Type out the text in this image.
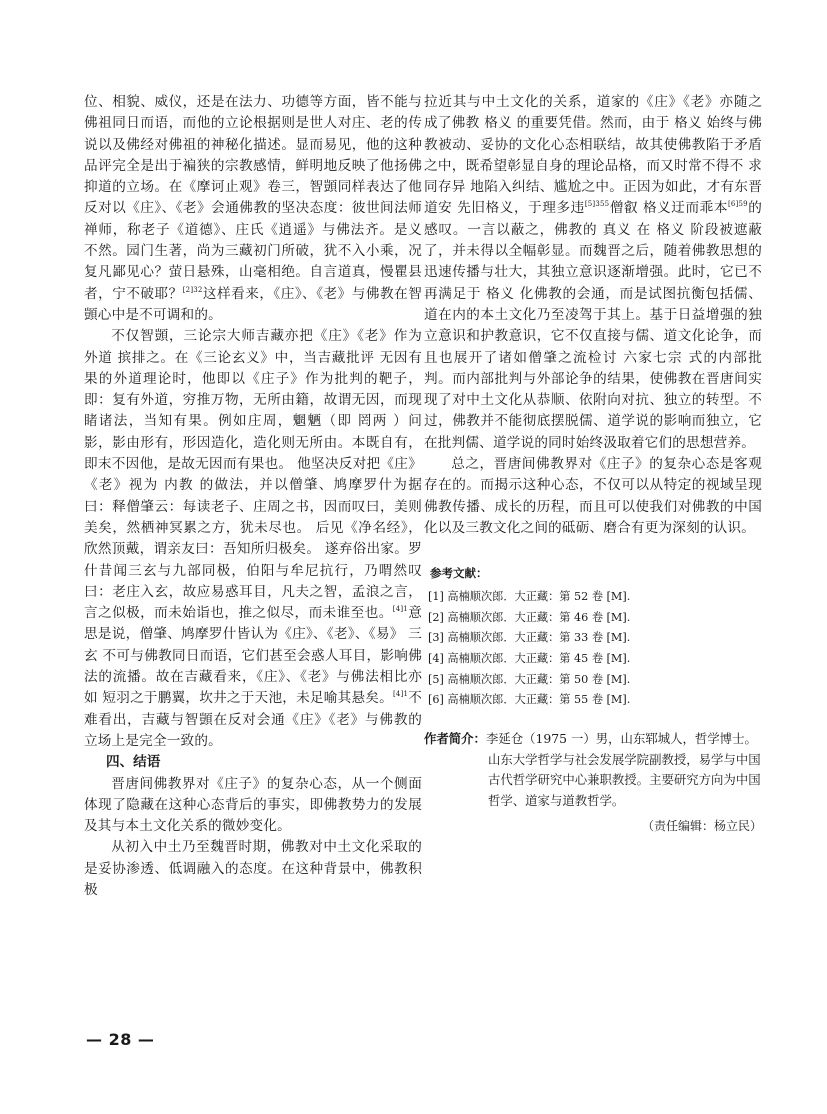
位、相貌、威仪，还是在法力、功德等方面，皆不能与佛祖同日而语，而他的立论根据则是世人对庄、老的传说以及佛经对佛祖的神秘化描述。显而易见，他的这种品评完全是出于褊狭的宗教感情，鲜明地反映了他扬佛抑道的立场。在《摩诃止观》卷三，智顗同样表达了他反对以《庄》、《老》会通佛教的坚决态度：彼世间法师禅师，称老子《道德》、庄氏《逍遥》与佛法齐。是义不然。园门生著，尚为三藏初门所破，犹不入小乘，况复凡鄙见心？萤日悬殊，山毫相绝。自言道真，慢瞿县者，宁不破耶？$^{[2]32}$这样看来，《庄》、《老》与佛教在智顗心中是不可调和的。

不仅智顗，三论宗大师吉藏亦把《庄》《老》作为 外道 摈排之。在《三论玄义》中，当吉藏批评 无因有果的外道理论时，他即以《庄子》作为批判的靶子，即：复有外道，穷推万物，无所由籍，故谓无因，而现睹诸法，当知有果。例如庄周，魍魉（即 罔两 ）问影，影由形有，形因造化，造化则无所由。本既自有，即末不因他，是故无因而有果也。 他坚决反对把《庄》《老》视为 内教 的做法，并以僧肇、鸠摩罗什为据曰：释僧肇云：每读老子、庄周之书，因而叹曰，美则美矣，然栖神冥累之方，犹未尽也。 后见《净名经》，欣然顶戴，谓亲友曰：吾知所归极矣。 遂弃俗出家。罗什昔闻三玄与九部同极，伯阳与牟尼抗行，乃喟然叹曰：老庄入玄，故应易惑耳目，凡夫之智，孟浪之言，言之似极，而未始诣也，推之似尽，而未谁至也。$^{[4]1}$意思是说，僧肇、鸠摩罗什皆认为《庄》、《老》、《易》 三玄 不可与佛教同日而语，它们甚至会惑人耳目，影响佛法的流播。故在吉藏看来，《庄》、《老》与佛法相比亦如 短羽之于鹏翼，坎井之于天池，未足喻其悬矣。$^{[4]1}$不难看出，吉藏与智顗在反对会通《庄》《老》与佛教的立场上是完全一致的。

四、结语

晋唐间佛教界对《庄子》的复杂心态，从一个侧面体现了隐藏在这种心态背后的事实，即佛教势力的发展及其与本土文化关系的微妙变化。

从初入中土乃至魏晋时期，佛教对中土文化采取的是妥协渗透、低调融入的态度。在这种背景中，佛教积极

拉近其与中土文化的关系，道家的《庄》《老》亦随之成了佛教 格义 的重要凭借。然而，由于 格义 始终与佛教被动、妥协的文化心态相联结，故其使佛教陷于矛盾之中，既希望彰显自身的理论品格，而又时常不得不 求同存异 地陷入纠结、尴尬之中。正因为如此，才有东晋道安 先旧格义，于理多违$^{[5]355}$僧叡 格义迂而乖本$^{[6]59}$的感叹。一言以蔽之，佛教的 真义 在 格义 阶段被遮蔽了，并未得以全幅彰显。而魏晋之后，随着佛教思想的迅速传播与壮大，其独立意识逐渐增强。此时，它已不再满足于 格义 化佛教的会通，而是试图抗衡包括儒、道在内的本土文化乃至凌驾于其上。基于日益增强的独立意识和护教意识，它不仅直接与儒、道文化论争，而且也展开了诸如僧肇之流检讨 六家七宗 式的内部批判。而内部批判与外部论争的结果，使佛教在晋唐间实现了对中土文化从恭顺、依附向对抗、独立的转型。不过，佛教并不能彻底摆脱儒、道学说的影响而独立，它在批判儒、道学说的同时始终汲取着它们的思想营养。

总之，晋唐间佛教界对《庄子》的复杂心态是客观存在的。而揭示这种心态，不仅可以从特定的视域呈现佛教传播、成长的历程，而且可以使我们对佛教的中国化以及三教文化之间的砥砺、磨合有更为深刻的认识。

参考文献：

[1] 高楠顺次郎．大正藏：第 52 卷 [M].

[2] 高楠顺次郎．大正藏：第 46 卷 [M].

[3] 高楠顺次郎．大正藏：第 33 卷 [M].

[4] 高楠顺次郎．大正藏：第 45 卷 [M].

[5] 高楠顺次郎．大正藏：第 50 卷 [M].

[6] 高楠顺次郎．大正藏：第 55 卷 [M].

作者简介：李延仓（1975 一）男，山东郓城人，哲学博士。

山东大学哲学与社会发展学院副教授，易学与中国古代哲学研究中心兼职教授。主要研究方向为中国哲学、道家与道教哲学。

（责任编辑：杨立民）

— 28 —
